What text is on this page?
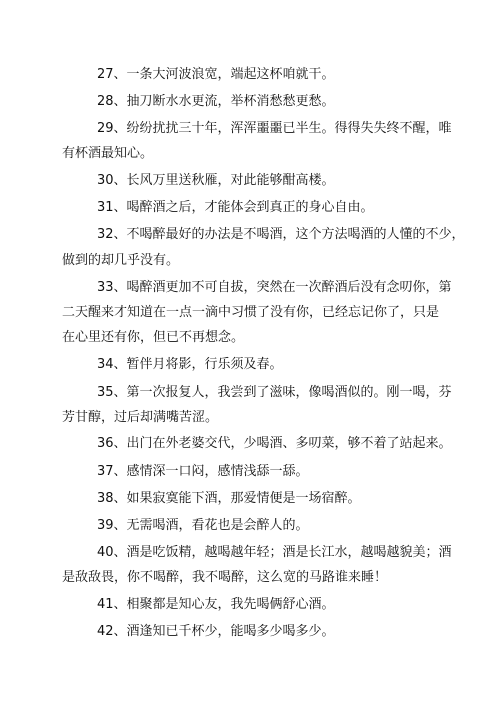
27、一条大河波浪宽，端起这杯咱就干。
28、抽刀断水水更流，举杯消愁愁更愁。
29、纷纷扰扰三十年，浑浑噩噩已半生。得得失失终不醒，唯
有杯酒最知心。
30、长风万里送秋雁，对此能够酣高楼。
31、喝醉酒之后，才能体会到真正的身心自由。
32、不喝醉最好的办法是不喝酒，这个方法喝酒的人懂的不少，
做到的却几乎没有。
33、喝醉酒更加不可自拔，突然在一次醉酒后没有念叨你，第
二天醒来才知道在一点一滴中习惯了没有你，已经忘记你了，只是
在心里还有你，但已不再想念。
34、暂伴月将影，行乐须及春。
35、第一次报复人，我尝到了滋味，像喝酒似的。刚一喝，芬
芳甘醇，过后却满嘴苦涩。
36、出门在外老婆交代，少喝酒、多叨菜，够不着了站起来。
37、感情深一口闷，感情浅舔一舔。
38、如果寂寞能下酒，那爱情便是一场宿醉。
39、无需喝酒，看花也是会醉人的。
40、酒是吃饭精，越喝越年轻；酒是长江水，越喝越貌美；酒
是敌敌畏，你不喝醉，我不喝醉，这么宽的马路谁来睡！
41、相聚都是知心友，我先喝俩舒心酒。
42、酒逢知已千杯少，能喝多少喝多少。
